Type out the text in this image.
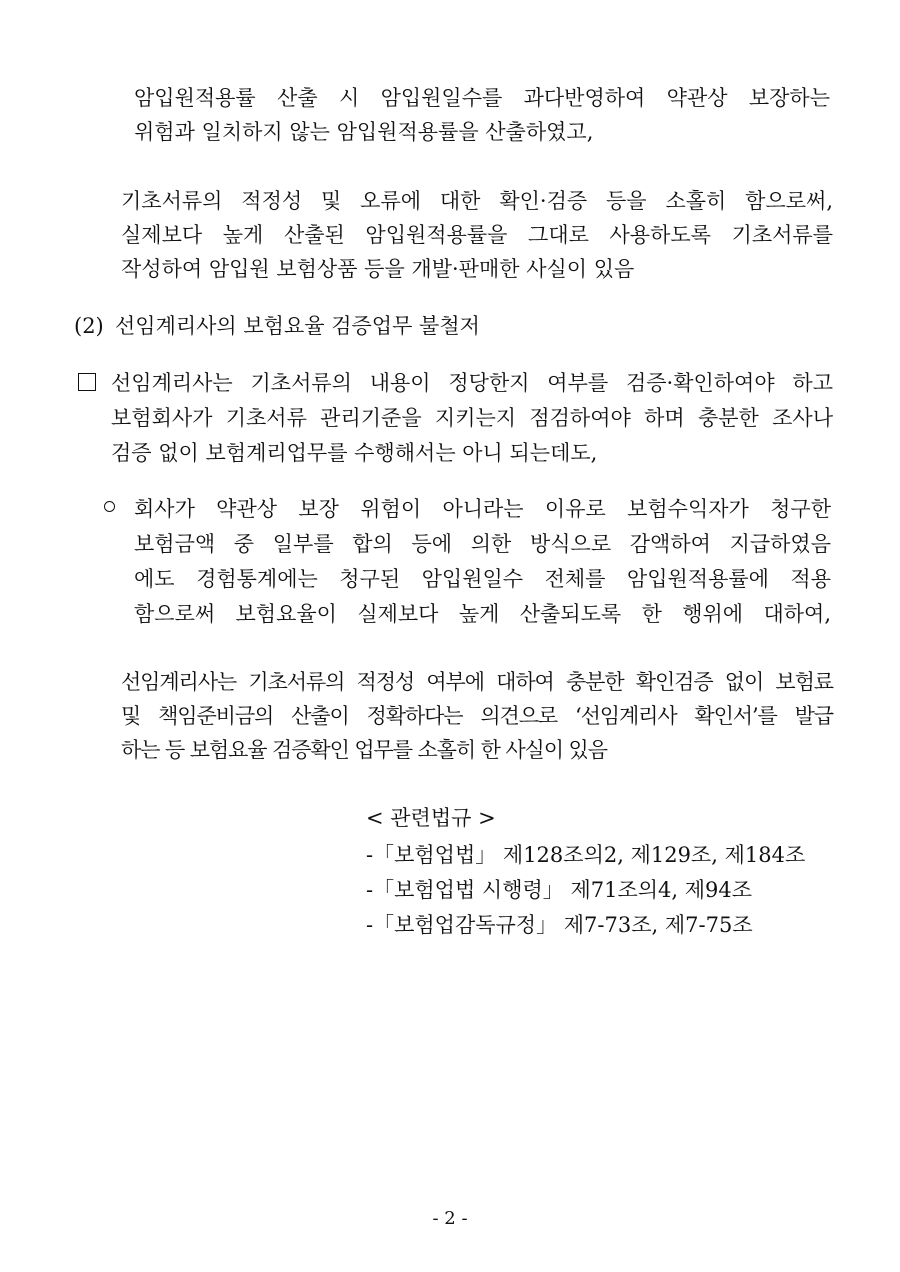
암입원적용률 산출 시 암입원일수를 과다반영하여 약관상 보장하는
위험과 일치하지 않는 암입원적용률을 산출하였고,
기초서류의 적정성 및 오류에 대한 확인·검증 등을 소홀히 함으로써,
실제보다 높게 산출된 암입원적용률을 그대로 사용하도록 기초서류를
작성하여 암입원 보험상품 등을 개발·판매한 사실이 있음
(2) 선임계리사의 보험요율 검증업무 불철저
선임계리사는 기초서류의 내용이 정당한지 여부를 검증·확인하여야 하고
보험회사가 기초서류 관리기준을 지키는지 점검하여야 하며 충분한 조사나
검증 없이 보험계리업무를 수행해서는 아니 되는데도,
회사가 약관상 보장 위험이 아니라는 이유로 보험수익자가 청구한
보험금액 중 일부를 합의 등에 의한 방식으로 감액하여 지급하였음
에도 경험통계에는 청구된 암입원일수 전체를 암입원적용률에 적용
함으로써 보험요율이 실제보다 높게 산출되도록 한 행위에 대하여,
선임계리사는 기초서류의 적정성 여부에 대하여 충분한 확인검증 없이 보험료
및 책임준비금의 산출이 정확하다는 의견으로 ‘선임계리사 확인서’를 발급
하는 등 보험요율 검증확인 업무를 소홀히 한 사실이 있음
< 관련법규 >
-「보험업법」 제128조의2, 제129조, 제184조
-「보험업법 시행령」 제71조의4, 제94조
-「보험업감독규정」 제7-73조, 제7-75조
- 2 -
